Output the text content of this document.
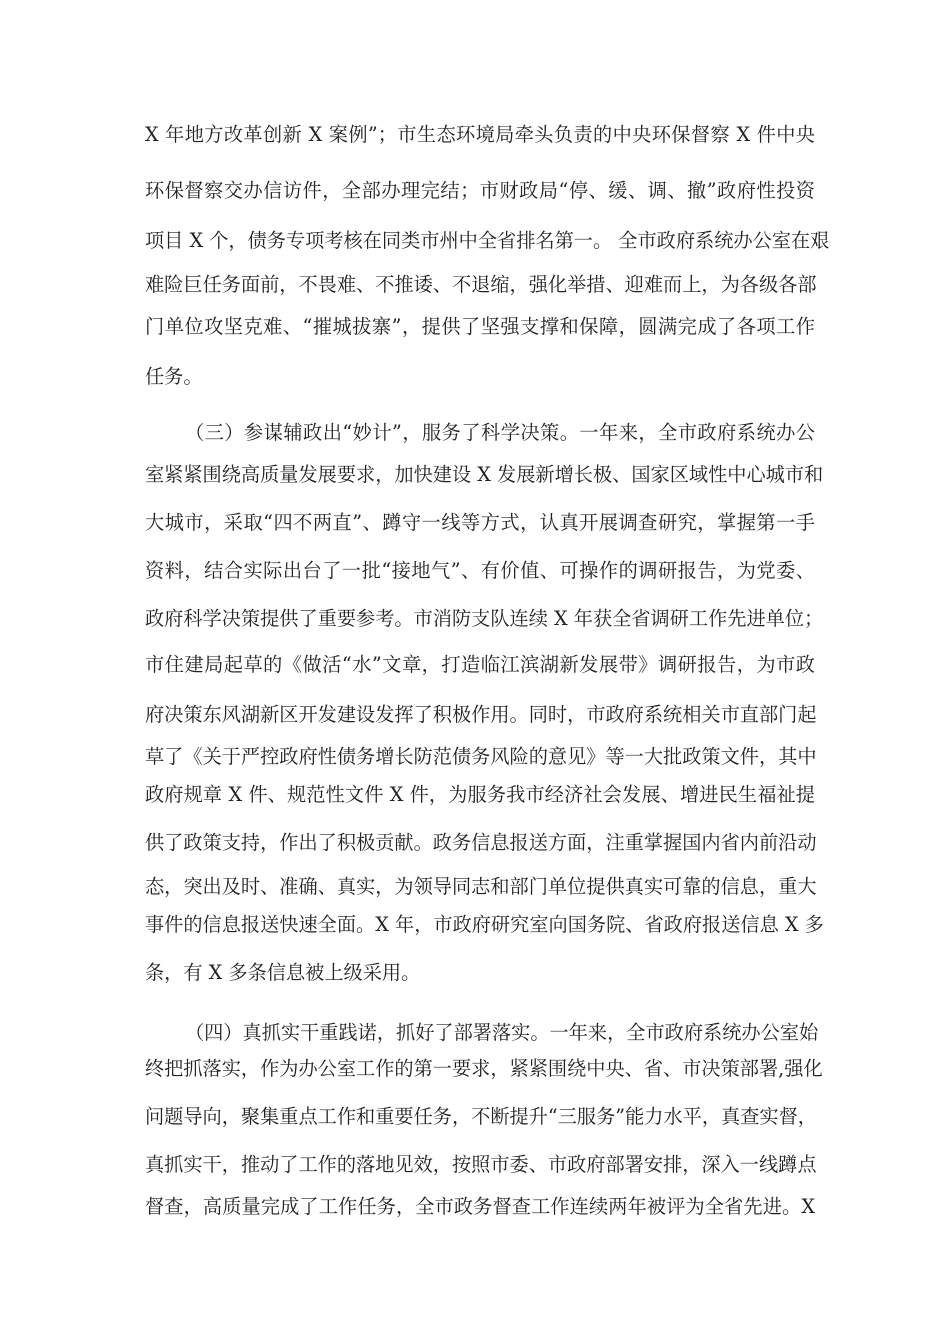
X 年地方改革创新 X 案例”；市生态环境局牵头负责的中央环保督察 X 件中央
环保督察交办信访件，全部办理完结；市财政局“停、缓、调、撤”政府性投资
项目 X 个，债务专项考核在同类市州中全省排名第一。 全市政府系统办公室在艰
难险巨任务面前，不畏难、不推诿、不退缩，强化举措、迎难而上，为各级各部
门单位攻坚克难、“摧城拔寨”，提供了坚强支撑和保障，圆满完成了各项工作
任务。
（三）参谋辅政出“妙计”，服务了科学决策。一年来，全市政府系统办公
室紧紧围绕高质量发展要求，加快建设 X 发展新增长极、国家区域性中心城市和
大城市，采取“四不两直”、蹲守一线等方式，认真开展调查研究，掌握第一手
资料，结合实际出台了一批“接地气”、有价值、可操作的调研报告，为党委、
政府科学决策提供了重要参考。市消防支队连续 X 年获全省调研工作先进单位；
市住建局起草的《做活“水”文章，打造临江滨湖新发展带》调研报告，为市政
府决策东风湖新区开发建设发挥了积极作用。同时，市政府系统相关市直部门起
草了《关于严控政府性债务增长防范债务风险的意见》等一大批政策文件，其中
政府规章 X 件、规范性文件 X 件，为服务我市经济社会发展、增进民生福祉提
供了政策支持，作出了积极贡献。政务信息报送方面，注重掌握国内省内前沿动
态，突出及时、准确、真实，为领导同志和部门单位提供真实可靠的信息，重大
事件的信息报送快速全面。X 年，市政府研究室向国务院、省政府报送信息 X 多
条，有 X 多条信息被上级采用。
（四）真抓实干重践诺，抓好了部署落实。一年来，全市政府系统办公室始
终把抓落实，作为办公室工作的第一要求，紧紧围绕中央、省、市决策部署,强化
问题导向，聚集重点工作和重要任务，不断提升“三服务”能力水平，真查实督，
真抓实干，推动了工作的落地见效，按照市委、市政府部署安排，深入一线蹲点
督查，高质量完成了工作任务，全市政务督查工作连续两年被评为全省先进。X
